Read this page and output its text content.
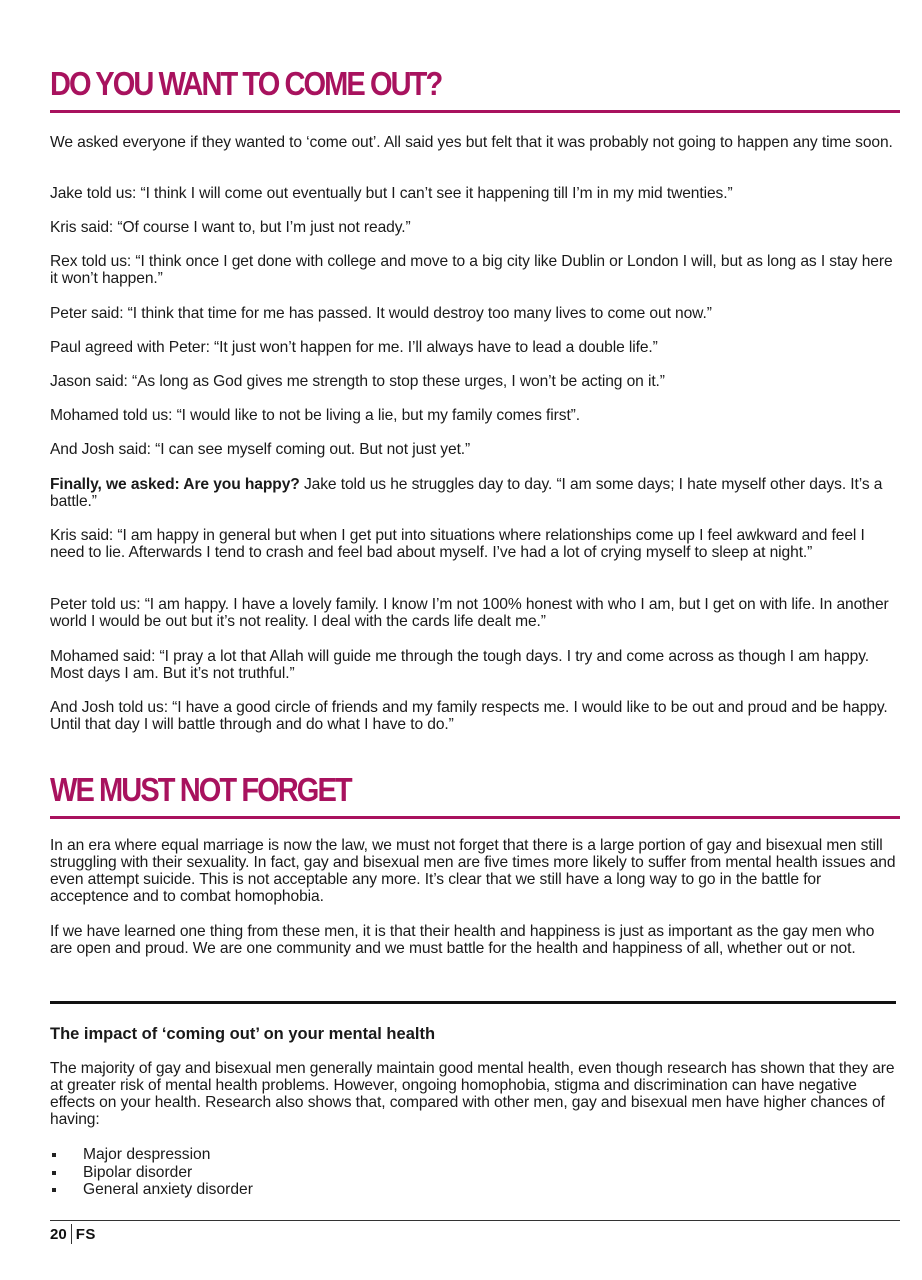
DO YOU WANT TO COME OUT?

We asked everyone if they wanted to ‘come out’. All said yes but felt that it was probably not going to happen any time soon.

Jake told us: “I think I will come out eventually but I can’t see it happening till I’m in my mid twenties.”

Kris said: “Of course I want to, but I’m just not ready.”

Rex told us: “I think once I get done with college and move to a big city like Dublin or London I will, but as long as I stay here it won’t happen.”

Peter said: “I think that time for me has passed. It would destroy too many lives to come out now.”

Paul agreed with Peter: “It just won’t happen for me. I’ll always have to lead a double life.”

Jason said: “As long as God gives me strength to stop these urges, I won’t be acting on it.”

Mohamed told us: “I would like to not be living a lie, but my family comes first”.

And Josh said: “I can see myself coming out. But not just yet.”

Finally, we asked: Are you happy? Jake told us he struggles day to day. “I am some days; I hate myself other days. It’s a battle.”

Kris said: “I am happy in general but when I get put into situations where relationships come up I feel awkward and feel I need to lie. Afterwards I tend to crash and feel bad about myself. I’ve had a lot of crying myself to sleep at night.”

Peter told us: “I am happy. I have a lovely family. I know I’m not 100% honest with who I am, but I get on with life. In another world I would be out but it’s not reality. I deal with the cards life dealt me.”

Mohamed said: “I pray a lot that Allah will guide me through the tough days. I try and come across as though I am happy. Most days I am. But it’s not truthful.”

And Josh told us: “I have a good circle of friends and my family respects me. I would like to be out and proud and be happy. Until that day I will battle through and do what I have to do.”

WE MUST NOT FORGET

In an era where equal marriage is now the law, we must not forget that there is a large portion of gay and bisexual men still struggling with their sexuality. In fact, gay and bisexual men are five times more likely to suffer from mental health issues and even attempt suicide. This is not acceptable any more. It’s clear that we still have a long way to go in the battle for acceptence and to combat homophobia.

If we have learned one thing from these men, it is that their health and happiness is just as important as the gay men who are open and proud. We are one community and we must battle for the health and happiness of all, whether out or not.

The impact of ‘coming out’ on your mental health

The majority of gay and bisexual men generally maintain good mental health, even though research has shown that they are at greater risk of mental health problems. However, ongoing homophobia, stigma and discrimination can have negative effects on your health. Research also shows that, compared with other men, gay and bisexual men have higher chances of having:

Major despression
Bipolar disorder
General anxiety disorder
20 FS
